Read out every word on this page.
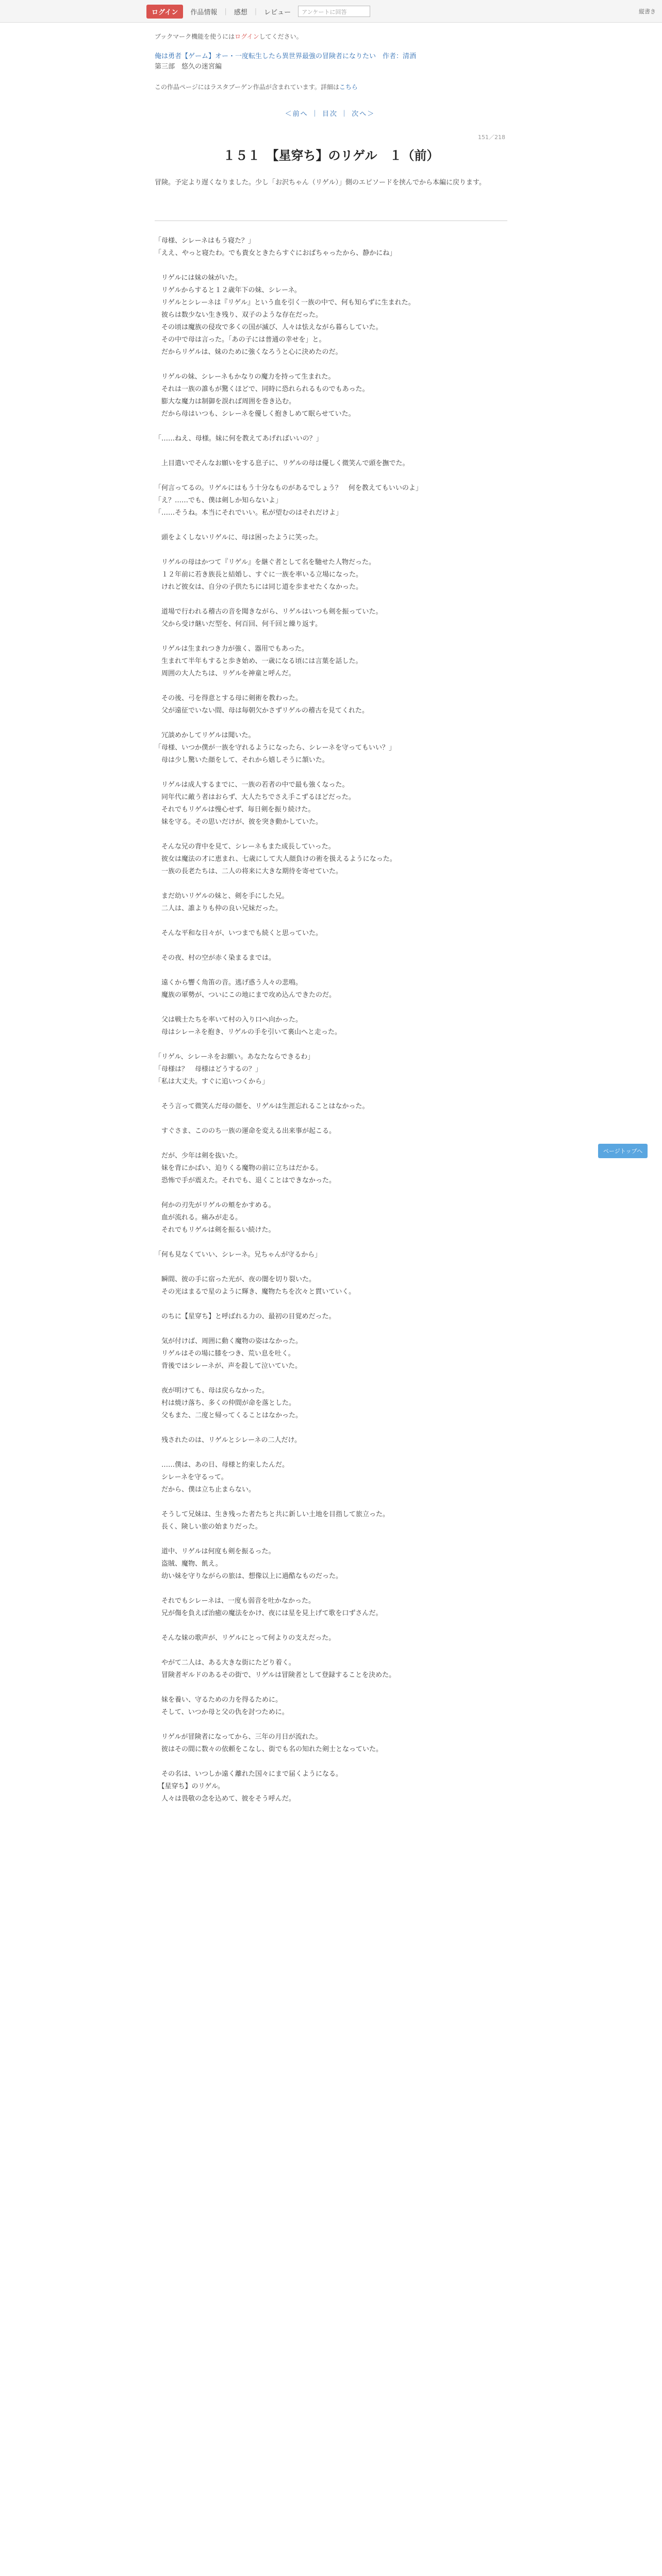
ログイン	作品情報	|	感想	|	レビュー	アンケートに回答	縦書き
ブックマーク機能を使うにはログインしてください。
俺は勇者【ゲーム】オー・一度転生したら異世界最強の冒険者になりたい　作者：清酒
第三部　悠久の迷宮編
この作品ページにはラスタブーゲン作品が含まれています。詳細はこちら
＜前へ ｜ 目次 ｜ 次へ＞
151／218
１５１　【星穿ち】のリゲル　１（前）
冒険。予定より遅くなりました。少し「お沢ちゃん（リゲル）」側のエピソードを挟んでから本編に戻ります。

「母様、シレーネはもう寝た？」

「ええ、やっと寝たわ。でも貴女ときたらすぐにおばちゃったから、静かにね」

　リゲルには妹の妹がいた。

　リゲルからすると１２歳年下の妹、シレーネ。

　リゲルとシレーネは『リゲル』という血を引く一族の中で、何も知らずに生まれた。

　彼らは数少ない生き残り、双子のような存在だった。

　その頃は魔族の侵攻で多くの国が滅び、人々は怯えながら暮らしていた。

　その中で母は言った。「あの子には普通の幸せを」と。

　だからリゲルは、妹のために強くなろうと心に決めたのだ。

　リゲルの妹、シレーネもかなりの魔力を持って生まれた。

　それは一族の誰もが驚くほどで、同時に恐れられるものでもあった。

　膨大な魔力は制御を誤れば周囲を巻き込む。

　だから母はいつも、シレーネを優しく抱きしめて眠らせていた。

「……ねえ、母様。妹に何を教えてあげればいいの？」

　上目遣いでそんなお願いをする息子に、リゲルの母は優しく微笑んで頭を撫でた。

「何言ってるの。リゲルにはもう十分なものがあるでしょう？　何を教えてもいいのよ」

「え？……でも、僕は剣しか知らないよ」

「……そうね。本当にそれでいい。私が望むのはそれだけよ」

　頭をよくしないリゲルに、母は困ったように笑った。

　リゲルの母はかつて『リゲル』を継ぐ者として名を馳せた人物だった。

　１２年前に若き族長と結婚し、すぐに一族を率いる立場になった。

　けれど彼女は、自分の子供たちには同じ道を歩ませたくなかった。

　道場で行われる稽古の音を聞きながら、リゲルはいつも剣を振っていた。

　父から受け継いだ型を、何百回、何千回と繰り返す。

　リゲルは生まれつき力が強く、器用でもあった。

　生まれて半年もすると歩き始め、一歳になる頃には言葉を話した。

　周囲の大人たちは、リゲルを神童と呼んだ。

　その後、弓を得意とする母に剣術を教わった。

　父が遠征でいない間、母は毎朝欠かさずリゲルの稽古を見てくれた。

　冗談めかしてリゲルは聞いた。

「母様、いつか僕が一族を守れるようになったら、シレーネを守ってもいい？」

　母は少し驚いた顔をして、それから嬉しそうに頷いた。

　リゲルは成人するまでに、一族の若者の中で最も強くなった。

　同年代に敵う者はおらず、大人たちでさえ手こずるほどだった。

　それでもリゲルは慢心せず、毎日剣を振り続けた。

　妹を守る。その思いだけが、彼を突き動かしていた。

　そんな兄の背中を見て、シレーネもまた成長していった。

　彼女は魔法の才に恵まれ、七歳にして大人顔負けの術を扱えるようになった。

　一族の長老たちは、二人の将来に大きな期待を寄せていた。

　まだ幼いリゲルの妹と、剣を手にした兄。

　二人は、誰よりも仲の良い兄妹だった。

　そんな平和な日々が、いつまでも続くと思っていた。

　その夜、村の空が赤く染まるまでは。

　遠くから響く角笛の音。逃げ惑う人々の悲鳴。

　魔族の軍勢が、ついにこの地にまで攻め込んできたのだ。

　父は戦士たちを率いて村の入り口へ向かった。

　母はシレーネを抱き、リゲルの手を引いて裏山へと走った。

「リゲル、シレーネをお願い。あなたならできるわ」

「母様は？　母様はどうするの？」

「私は大丈夫。すぐに追いつくから」

　そう言って微笑んだ母の顔を、リゲルは生涯忘れることはなかった。

　すぐさま、こののち一族の運命を変える出来事が起こる。

　だが、少年は剣を抜いた。

　妹を背にかばい、迫りくる魔物の前に立ちはだかる。

　恐怖で手が震えた。それでも、退くことはできなかった。

　何かの刃先がリゲルの頬をかすめる。

　血が流れる。痛みが走る。

　それでもリゲルは剣を振るい続けた。

「何も見なくていい、シレーネ。兄ちゃんが守るから」

　瞬間、彼の手に宿った光が、夜の闇を切り裂いた。

　その光はまるで星のように輝き、魔物たちを次々と貫いていく。

　のちに【星穿ち】と呼ばれる力の、最初の目覚めだった。

　気が付けば、周囲に動く魔物の姿はなかった。

　リゲルはその場に膝をつき、荒い息を吐く。

　背後ではシレーネが、声を殺して泣いていた。

　夜が明けても、母は戻らなかった。

　村は焼け落ち、多くの仲間が命を落とした。

　父もまた、二度と帰ってくることはなかった。

　残されたのは、リゲルとシレーネの二人だけ。

　……僕は、あの日、母様と約束したんだ。

　シレーネを守るって。

　だから、僕は立ち止まらない。

　そうして兄妹は、生き残った者たちと共に新しい土地を目指して旅立った。

　長く、険しい旅の始まりだった。

　道中、リゲルは何度も剣を振るった。

　盗賊、魔物、飢え。

　幼い妹を守りながらの旅は、想像以上に過酷なものだった。

　それでもシレーネは、一度も弱音を吐かなかった。

　兄が傷を負えば治癒の魔法をかけ、夜には星を見上げて歌を口ずさんだ。

　そんな妹の歌声が、リゲルにとって何よりの支えだった。

　やがて二人は、ある大きな街にたどり着く。

　冒険者ギルドのあるその街で、リゲルは冒険者として登録することを決めた。

　妹を養い、守るための力を得るために。

　そして、いつか母と父の仇を討つために。

　リゲルが冒険者になってから、三年の月日が流れた。

　彼はその間に数々の依頼をこなし、街でも名の知れた剣士となっていた。

　その名は、いつしか遠く離れた国々にまで届くようになる。

　【星穿ち】のリゲル。

　人々は畏敬の念を込めて、彼をそう呼んだ。

ページトップへ
